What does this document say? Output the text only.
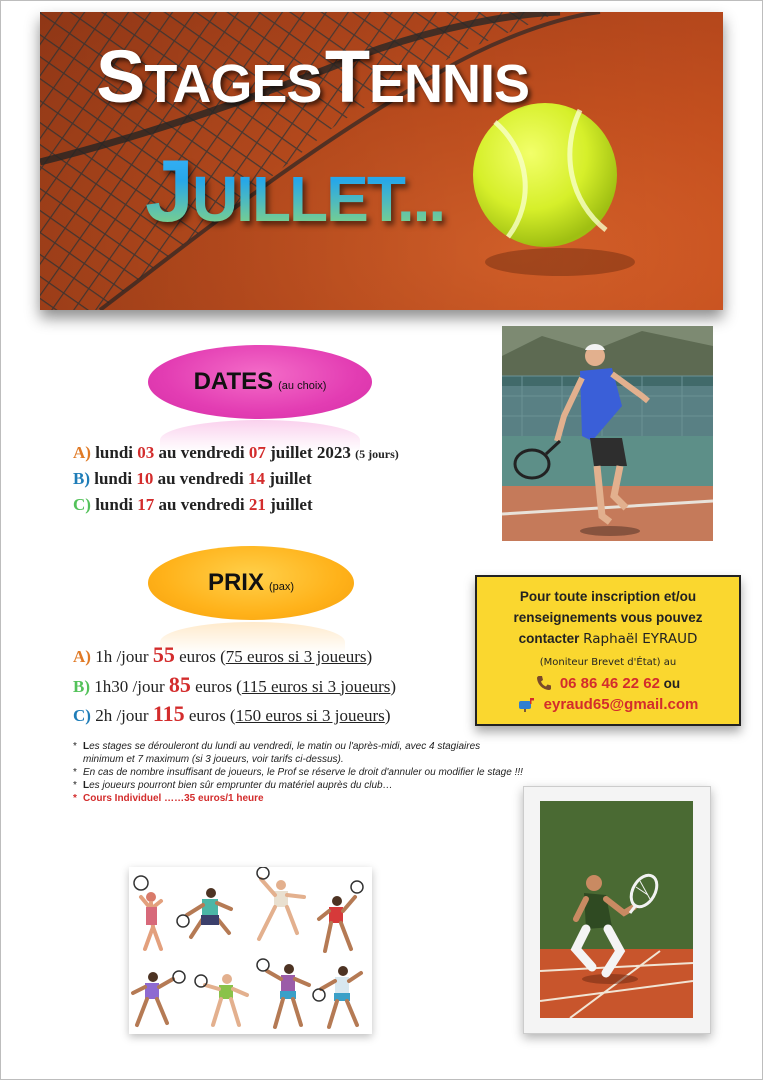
STAGES TENNIS
JUILLET...
DATES (au choix)
A) lundi 03 au vendredi 07 juillet 2023 (5 jours)
B) lundi 10 au vendredi 14 juillet
C) lundi 17 au vendredi 21 juillet
PRIX (pax)
A) 1h /jour 55 euros (75 euros si 3 joueurs)
B) 1h30 /jour 85 euros (115 euros si 3 joueurs)
C) 2h /jour 115 euros (150 euros si 3 joueurs)
* Les stages se dérouleront du lundi au vendredi, le matin ou l'après-midi, avec 4 stagiaires minimum et 7 maximum (si 3 joueurs, voir tarifs ci-dessus).
* En cas de nombre insuffisant de joueurs, le Prof se réserve le droit d'annuler ou modifier le stage !!!
* Les joueurs pourront bien sûr emprunter du matériel auprès du club…
* Cours Individuel ……35 euros/1 heure
Pour toute inscription et/ou
renseignements vous pouvez
contacter Raphaël EYRAUD
(Moniteur Brevet d'État) au
06 86 46 22 62 ou
eyraud65@gmail.com
